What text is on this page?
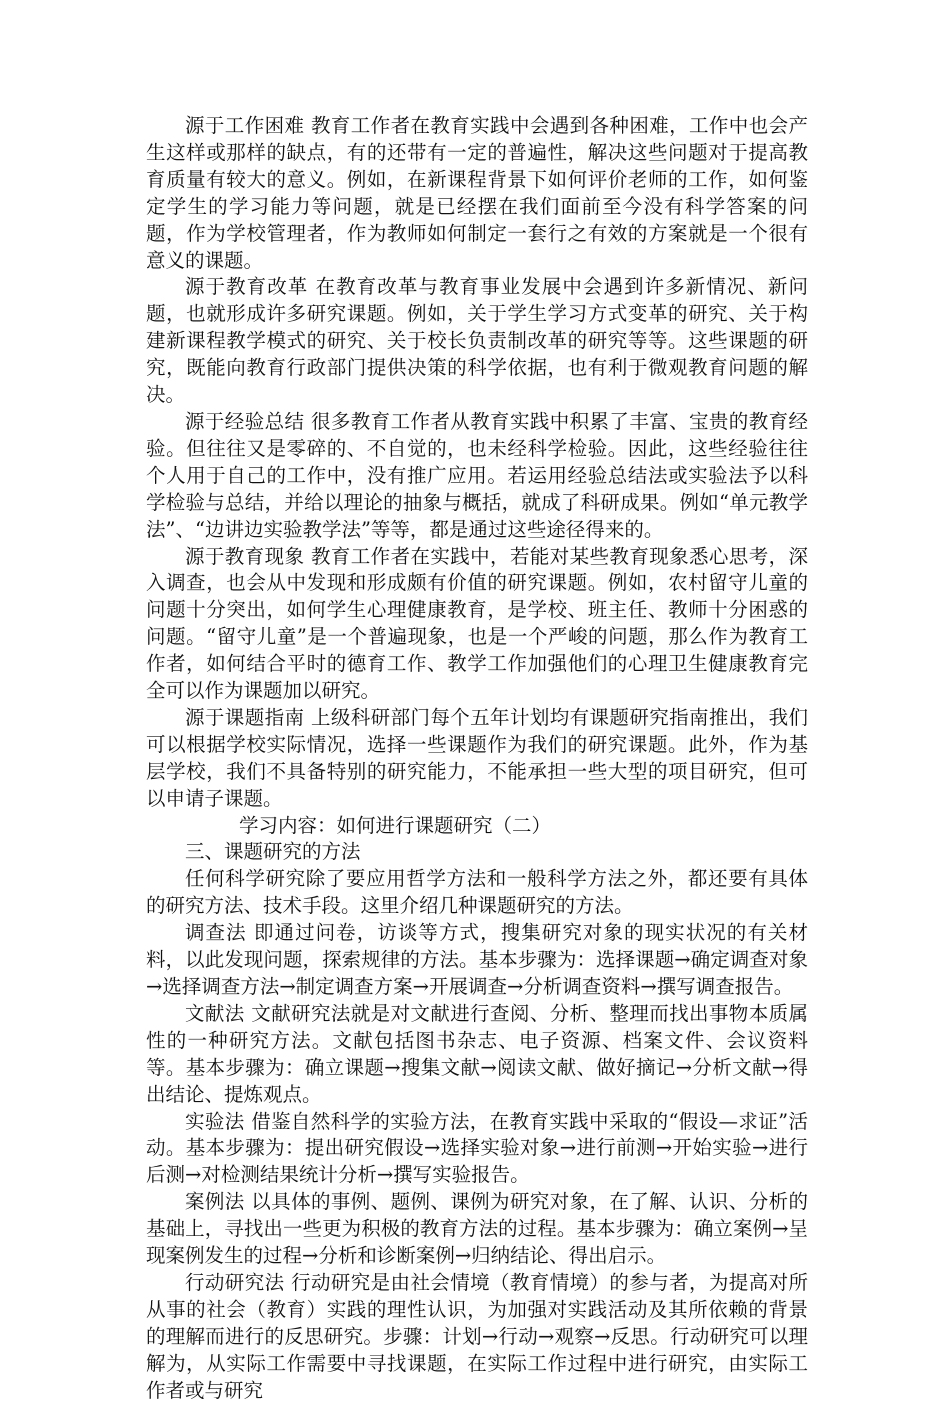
源于工作困难 教育工作者在教育实践中会遇到各种困难，工作中也会产生这样或那样的缺点，有的还带有一定的普遍性，解决这些问题对于提高教育质量有较大的意义。例如，在新课程背景下如何评价老师的工作，如何鉴定学生的学习能力等问题，就是已经摆在我们面前至今没有科学答案的问题，作为学校管理者，作为教师如何制定一套行之有效的方案就是一个很有意义的课题。

源于教育改革 在教育改革与教育事业发展中会遇到许多新情况、新问题，也就形成许多研究课题。例如，关于学生学习方式变革的研究、关于构建新课程教学模式的研究、关于校长负责制改革的研究等等。这些课题的研究，既能向教育行政部门提供决策的科学依据，也有利于微观教育问题的解决。

源于经验总结 很多教育工作者从教育实践中积累了丰富、宝贵的教育经验。但往往又是零碎的、不自觉的，也未经科学检验。因此，这些经验往往个人用于自己的工作中，没有推广应用。若运用经验总结法或实验法予以科学检验与总结，并给以理论的抽象与概括，就成了科研成果。例如“单元教学法”、“边讲边实验教学法”等等，都是通过这些途径得来的。

源于教育现象 教育工作者在实践中，若能对某些教育现象悉心思考，深入调查，也会从中发现和形成颇有价值的研究课题。例如，农村留守儿童的问题十分突出，如何学生心理健康教育，是学校、班主任、教师十分困惑的问题。“留守儿童”是一个普遍现象，也是一个严峻的问题，那么作为教育工作者，如何结合平时的德育工作、教学工作加强他们的心理卫生健康教育完全可以作为课题加以研究。

源于课题指南 上级科研部门每个五年计划均有课题研究指南推出，我们可以根据学校实际情况，选择一些课题作为我们的研究课题。此外，作为基层学校，我们不具备特别的研究能力，不能承担一些大型的项目研究，但可以申请子课题。

学习内容：如何进行课题研究（二）

三、课题研究的方法

任何科学研究除了要应用哲学方法和一般科学方法之外，都还要有具体的研究方法、技术手段。这里介绍几种课题研究的方法。

调查法 即通过问卷，访谈等方式，搜集研究对象的现实状况的有关材料，以此发现问题，探索规律的方法。基本步骤为：选择课题→确定调查对象→选择调查方法→制定调查方案→开展调查→分析调查资料→撰写调查报告。

文献法 文献研究法就是对文献进行查阅、分析、整理而找出事物本质属性的一种研究方法。文献包括图书杂志、电子资源、档案文件、会议资料等。基本步骤为：确立课题→搜集文献→阅读文献、做好摘记→分析文献→得出结论、提炼观点。

实验法 借鉴自然科学的实验方法，在教育实践中采取的“假设—求证”活动。基本步骤为：提出研究假设→选择实验对象→进行前测→开始实验→进行后测→对检测结果统计分析→撰写实验报告。

案例法 以具体的事例、题例、课例为研究对象，在了解、认识、分析的基础上，寻找出一些更为积极的教育方法的过程。基本步骤为：确立案例→呈现案例发生的过程→分析和诊断案例→归纳结论、得出启示。

行动研究法 行动研究是由社会情境（教育情境）的参与者，为提高对所从事的社会（教育）实践的理性认识，为加强对实践活动及其所依赖的背景的理解而进行的反思研究。步骤：计划→行动→观察→反思。行动研究可以理解为，从实际工作需要中寻找课题，在实际工作过程中进行研究，由实际工作者或与研究
